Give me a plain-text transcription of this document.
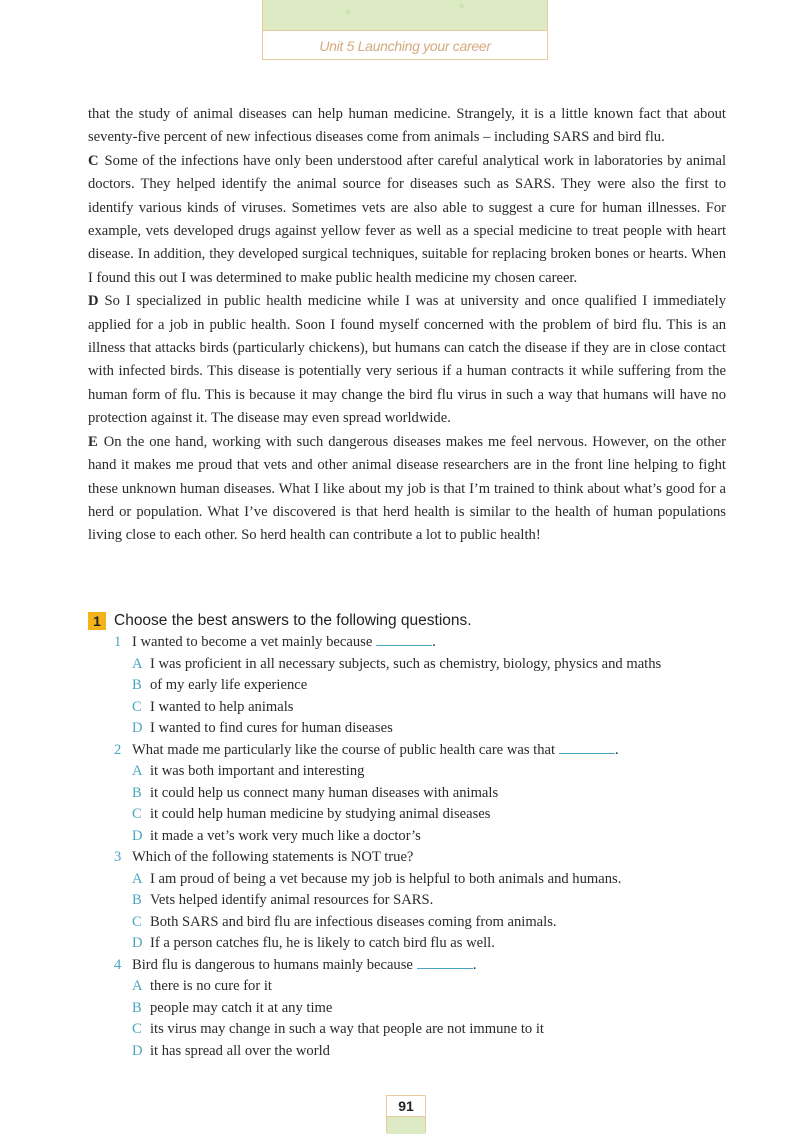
Unit 5 Launching your career

that the study of animal diseases can help human medicine. Strangely, it is a little known fact that about seventy-five percent of new infectious diseases come from animals – including SARS and bird flu.

C Some of the infections have only been understood after careful analytical work in laboratories by animal doctors. They helped identify the animal source for diseases such as SARS. They were also the first to identify various kinds of viruses. Sometimes vets are also able to suggest a cure for human illnesses. For example, vets developed drugs against yellow fever as well as a special medicine to treat people with heart disease. In addition, they developed surgical techniques, suitable for replacing broken bones or hearts. When I found this out I was determined to make public health medicine my chosen career.

D So I specialized in public health medicine while I was at university and once qualified I immediately applied for a job in public health. Soon I found myself concerned with the problem of bird flu. This is an illness that attacks birds (particularly chickens), but humans can catch the disease if they are in close contact with infected birds. This disease is potentially very serious if a human contracts it while suffering from the human form of flu. This is because it may change the bird flu virus in such a way that humans will have no protection against it. The disease may even spread worldwide.

E On the one hand, working with such dangerous diseases makes me feel nervous. However, on the other hand it makes me proud that vets and other animal disease researchers are in the front line helping to fight these unknown human diseases. What I like about my job is that I’m trained to think about what’s good for a herd or population. What I’ve discovered is that herd health is similar to the health of human populations living close to each other. So herd health can contribute a lot to public health!

1 Choose the best answers to the following questions.
1 I wanted to become a vet mainly because	.
A I was proficient in all necessary subjects, such as chemistry, biology, physics and maths
B of my early life experience
C I wanted to help animals
D I wanted to find cures for human diseases
2 What made me particularly like the course of public health care was that	.
A it was both important and interesting
B it could help us connect many human diseases with animals
C it could help human medicine by studying animal diseases
D it made a vet’s work very much like a doctor’s
3 Which of the following statements is NOT true?
A I am proud of being a vet because my job is helpful to both animals and humans.
B Vets helped identify animal resources for SARS.
C Both SARS and bird flu are infectious diseases coming from animals.
D If a person catches flu, he is likely to catch bird flu as well.
4 Bird flu is dangerous to humans mainly because	.
A there is no cure for it
B people may catch it at any time
C its virus may change in such a way that people are not immune to it
D it has spread all over the world
91
